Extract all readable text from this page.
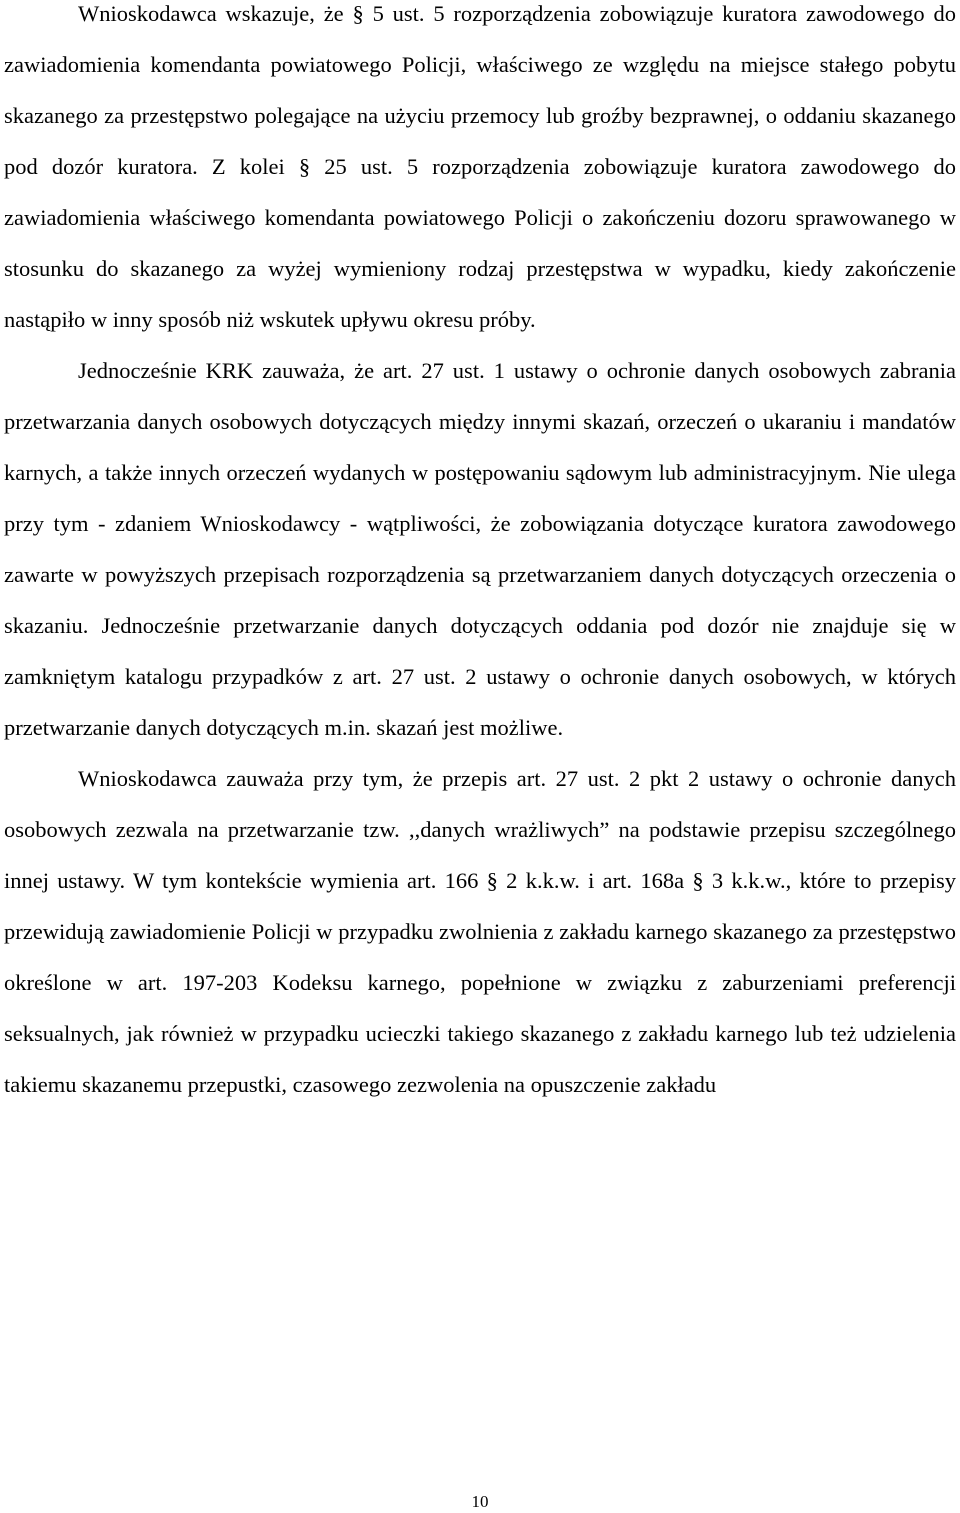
Wnioskodawca wskazuje, że § 5 ust. 5 rozporządzenia zobowiązuje kuratora zawodowego do zawiadomienia komendanta powiatowego Policji, właściwego ze względu na miejsce stałego pobytu skazanego za przestępstwo polegające na użyciu przemocy lub groźby bezprawnej, o oddaniu skazanego pod dozór kuratora. Z kolei § 25 ust. 5 rozporządzenia zobowiązuje kuratora zawodowego do zawiadomienia właściwego komendanta powiatowego Policji o zakończeniu dozoru sprawowanego w stosunku do skazanego za wyżej wymieniony rodzaj przestępstwa w wypadku, kiedy zakończenie nastąpiło w inny sposób niż wskutek upływu okresu próby.

Jednocześnie KRK zauważa, że art. 27 ust. 1 ustawy o ochronie danych osobowych zabrania przetwarzania danych osobowych dotyczących między innymi skazań, orzeczeń o ukaraniu i mandatów karnych, a także innych orzeczeń wydanych w postępowaniu sądowym lub administracyjnym. Nie ulega przy tym - zdaniem Wnioskodawcy - wątpliwości, że zobowiązania dotyczące kuratora zawodowego zawarte w powyższych przepisach rozporządzenia są przetwarzaniem danych dotyczących orzeczenia o skazaniu. Jednocześnie przetwarzanie danych dotyczących oddania pod dozór nie znajduje się w zamkniętym katalogu przypadków z art. 27 ust. 2 ustawy o ochronie danych osobowych, w których przetwarzanie danych dotyczących m.in. skazań jest możliwe.

Wnioskodawca zauważa przy tym, że przepis art. 27 ust. 2 pkt 2 ustawy o ochronie danych osobowych zezwala na przetwarzanie tzw. ,,danych wrażliwych” na podstawie przepisu szczególnego innej ustawy. W tym kontekście wymienia art. 166 § 2 k.k.w. i art. 168a § 3 k.k.w., które to przepisy przewidują zawiadomienie Policji w przypadku zwolnienia z zakładu karnego skazanego za przestępstwo określone w art. 197-203 Kodeksu karnego, popełnione w związku z zaburzeniami preferencji seksualnych, jak również w przypadku ucieczki takiego skazanego z zakładu karnego lub też udzielenia takiemu skazanemu przepustki, czasowego zezwolenia na opuszczenie zakładu

10
